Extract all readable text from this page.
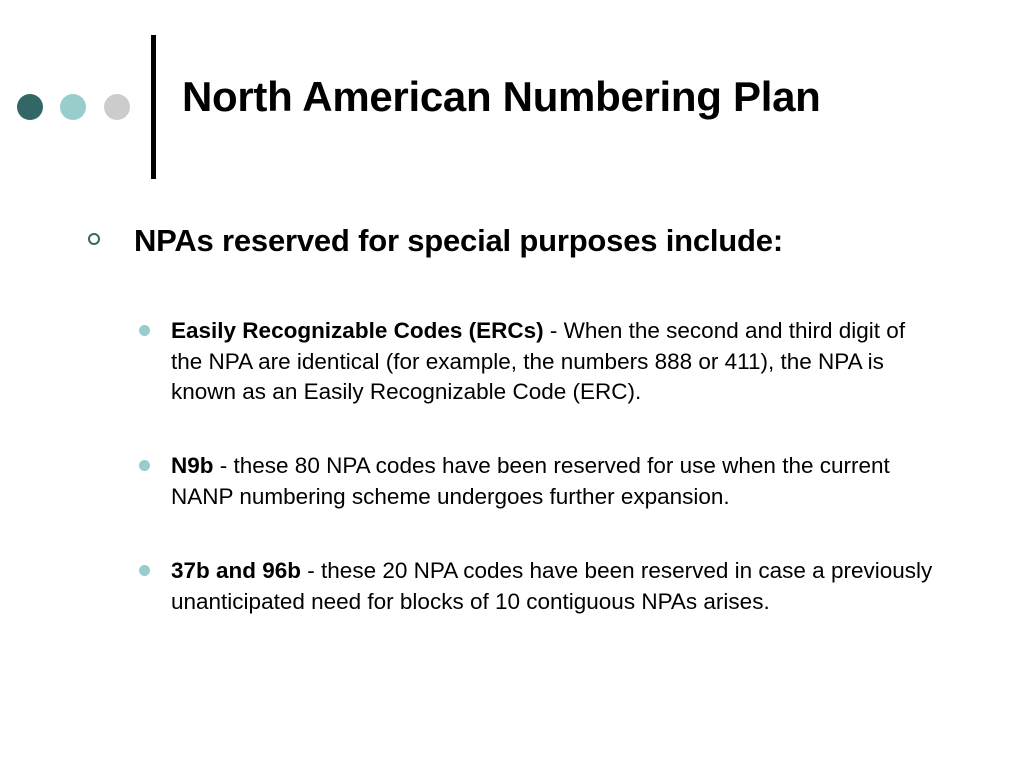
North American Numbering Plan
NPAs reserved for special purposes include:
Easily Recognizable Codes (ERCs) - When the second and third digit of the NPA are identical (for example, the numbers 888 or 411), the NPA is known as an Easily Recognizable Code (ERC).
N9b - these 80 NPA codes have been reserved for use when the current NANP numbering scheme undergoes further expansion.
37b and 96b - these 20 NPA codes have been reserved in case a previously unanticipated need for blocks of 10 contiguous NPAs arises.
